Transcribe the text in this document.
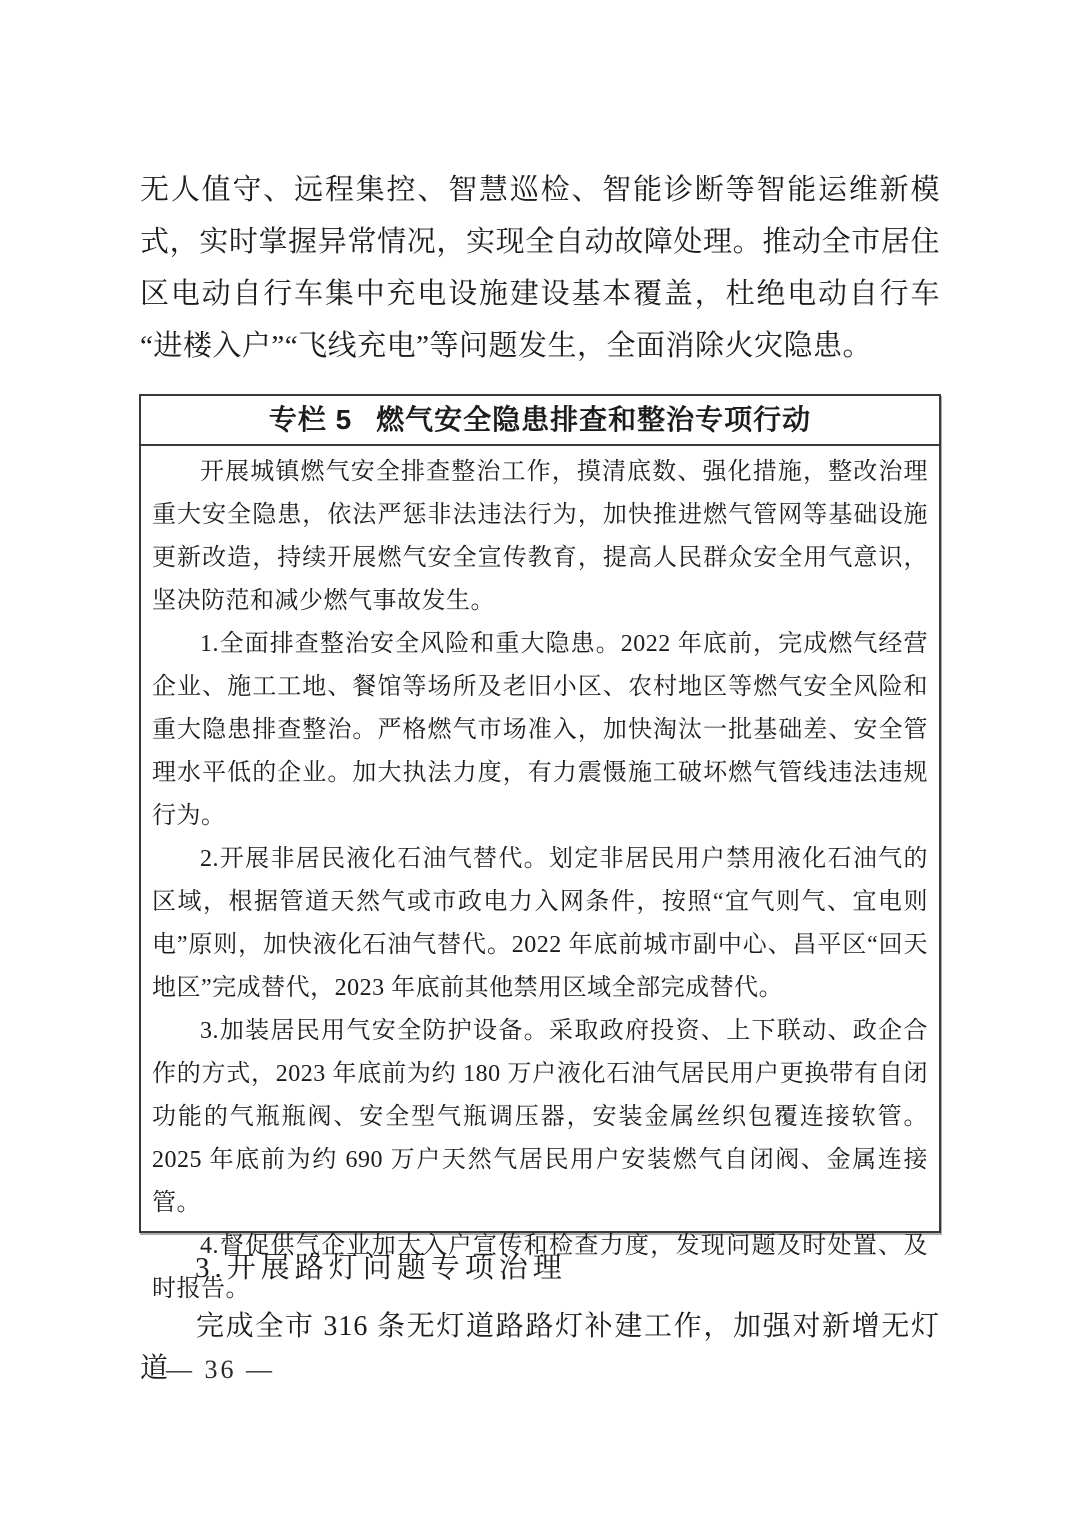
无人值守、远程集控、智慧巡检、智能诊断等智能运维新模式，实时掌握异常情况，实现全自动故障处理。推动全市居住区电动自行车集中充电设施建设基本覆盖，杜绝电动自行车“进楼入户”“飞线充电”等问题发生，全面消除火灾隐患。

专栏 5 燃气安全隐患排查和整治专项行动

开展城镇燃气安全排查整治工作，摸清底数、强化措施，整改治理重大安全隐患，依法严惩非法违法行为，加快推进燃气管网等基础设施更新改造，持续开展燃气安全宣传教育，提高人民群众安全用气意识，坚决防范和减少燃气事故发生。

1.全面排查整治安全风险和重大隐患。2022 年底前，完成燃气经营企业、施工工地、餐馆等场所及老旧小区、农村地区等燃气安全风险和重大隐患排查整治。严格燃气市场准入，加快淘汰一批基础差、安全管理水平低的企业。加大执法力度，有力震慑施工破坏燃气管线违法违规行为。

2.开展非居民液化石油气替代。划定非居民用户禁用液化石油气的区域，根据管道天然气或市政电力入网条件，按照“宜气则气、宜电则电”原则，加快液化石油气替代。2022 年底前城市副中心、昌平区“回天地区”完成替代，2023 年底前其他禁用区域全部完成替代。

3.加装居民用气安全防护设备。采取政府投资、上下联动、政企合作的方式，2023 年底前为约 180 万户液化石油气居民用户更换带有自闭功能的气瓶瓶阀、安全型气瓶调压器，安装金属丝织包覆连接软管。2025 年底前为约 690 万户天然气居民用户安装燃气自闭阀、金属连接管。

4.督促供气企业加大入户宣传和检查力度，发现问题及时处置、及时报告。

3.开展路灯问题专项治理

完成全市 316 条无灯道路路灯补建工作，加强对新增无灯道

— 36 —
